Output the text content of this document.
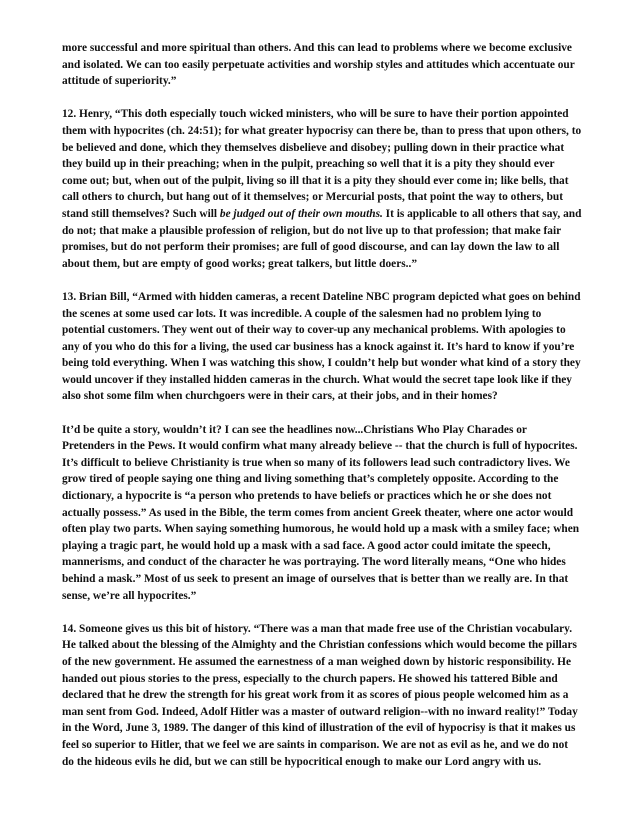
more successful and more spiritual than others. And this can lead to problems where we become exclusive and isolated. We can too easily perpetuate activities and worship styles and attitudes which accentuate our attitude of superiority.”

12. Henry, “This doth especially touch wicked ministers, who will be sure to have their portion appointed them with hypocrites (ch. 24:51); for what greater hypocrisy can there be, than to press that upon others, to be believed and done, which they themselves disbelieve and disobey; pulling down in their practice what they build up in their preaching; when in the pulpit, preaching so well that it is a pity they should ever come out; but, when out of the pulpit, living so ill that it is a pity they should ever come in; like bells, that call others to church, but hang out of it themselves; or Mercurial posts, that point the way to others, but stand still themselves? Such will be judged out of their own mouths. It is applicable to all others that say, and do not; that make a plausible profession of religion, but do not live up to that profession; that make fair promises, but do not perform their promises; are full of good discourse, and can lay down the law to all about them, but are empty of good works; great talkers, but little doers..”

13. Brian Bill, “Armed with hidden cameras, a recent Dateline NBC program depicted what goes on behind the scenes at some used car lots. It was incredible. A couple of the salesmen had no problem lying to potential customers. They went out of their way to cover-up any mechanical problems. With apologies to any of you who do this for a living, the used car business has a knock against it. It’s hard to know if you’re being told everything. When I was watching this show, I couldn’t help but wonder what kind of a story they would uncover if they installed hidden cameras in the church. What would the secret tape look like if they also shot some film when churchgoers were in their cars, at their jobs, and in their homes?

It’d be quite a story, wouldn’t it? I can see the headlines now...Christians Who Play Charades or Pretenders in the Pews. It would confirm what many already believe -- that the church is full of hypocrites. It’s difficult to believe Christianity is true when so many of its followers lead such contradictory lives. We grow tired of people saying one thing and living something that’s completely opposite. According to the dictionary, a hypocrite is “a person who pretends to have beliefs or practices which he or she does not actually possess.” As used in the Bible, the term comes from ancient Greek theater, where one actor would often play two parts. When saying something humorous, he would hold up a mask with a smiley face; when playing a tragic part, he would hold up a mask with a sad face. A good actor could imitate the speech, mannerisms, and conduct of the character he was portraying. The word literally means, “One who hides behind a mask.” Most of us seek to present an image of ourselves that is better than we really are. In that sense, we’re all hypocrites.”

14. Someone gives us this bit of history. “There was a man that made free use of the Christian vocabulary. He talked about the blessing of the Almighty and the Christian confessions which would become the pillars of the new government. He assumed the earnestness of a man weighed down by historic responsibility. He handed out pious stories to the press, especially to the church papers. He showed his tattered Bible and declared that he drew the strength for his great work from it as scores of pious people welcomed him as a man sent from God. Indeed, Adolf Hitler was a master of outward religion--with no inward reality!” Today in the Word, June 3, 1989. The danger of this kind of illustration of the evil of hypocrisy is that it makes us feel so superior to Hitler, that we feel we are saints in comparison. We are not as evil as he, and we do not do the hideous evils he did, but we can still be hypocritical enough to make our Lord angry with us.
